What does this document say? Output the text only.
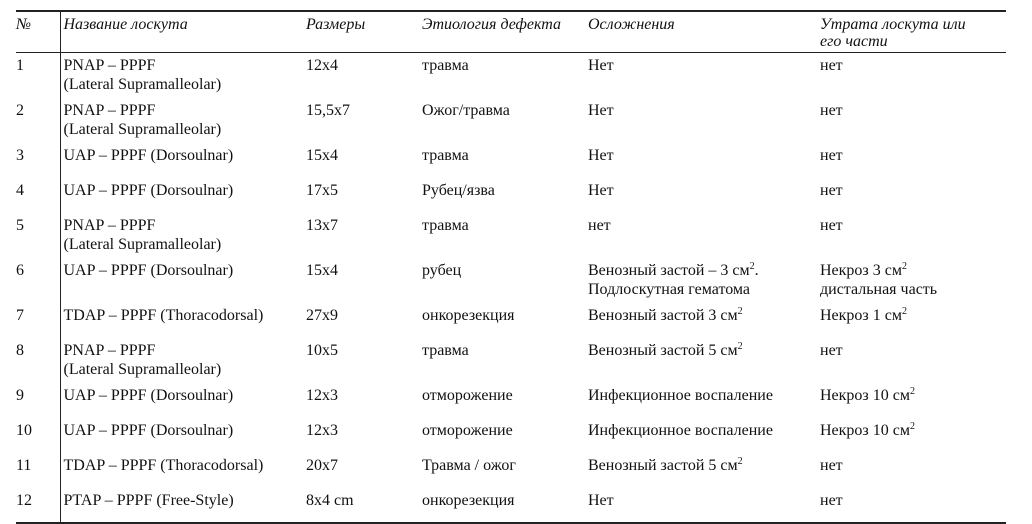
№	Название лоскута	Размеры	Этиология дефекта	Осложнения	Утрата лоскута или
его части

1	PNAP – PPPF
(Lateral Supramalleolar)	12x4	травма	Нет	нет

2	PNAP – PPPF
(Lateral Supramalleolar)	15,5x7	Ожог/травма	Нет	нет

3	UAP – PPPF (Dorsoulnar)	15x4	травма	Нет	нет

4	UAP – PPPF (Dorsoulnar)	17x5	Рубец/язва	Нет	нет

5	PNAP – PPPF
(Lateral Supramalleolar)	13x7	травма	нет	нет

6	UAP – PPPF (Dorsoulnar)	15x4	рубец	Венозный застой – 3 $см^2$.
Подлоскутная гематома	Некроз 3 $см^2$
дистальная часть

7	TDAP – PPPF (Thoracodorsal)	27x9	онкорезекция	Венозный застой 3 $см^2$	Некроз 1 $см^2$

8	PNAP – PPPF
(Lateral Supramalleolar)	10x5	травма	Венозный застой 5 $см^2$	нет

9	UAP – PPPF (Dorsoulnar)	12x3	отморожение	Инфекционное воспаление	Некроз 10 $см^2$

10	UAP – PPPF (Dorsoulnar)	12x3	отморожение	Инфекционное воспаление	Некроз 10 $см^2$

11	TDAP – PPPF (Thoracodorsal)	20x7	Травма / ожог	Венозный застой 5 $см^2$	нет

12	PTAP – PPPF (Free-Style)	8x4 cm	онкорезекция	Нет	нет
